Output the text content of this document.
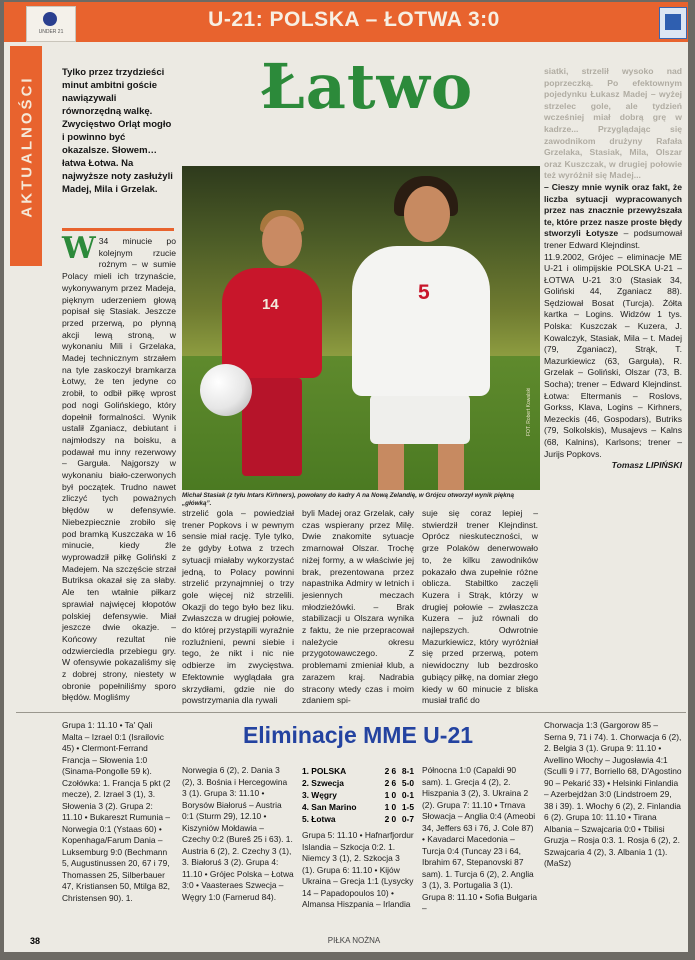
UNDER 21
U-21: POLSKA – ŁOTWA 3:0
AKTUALNOŚCI
Tylko przez trzydzieści minut ambitni goście nawiązywali równorzędną walkę. Zwycięstwo Orląt mogło i powinno być okazalsze. Słowem… łatwa Łotwa. Na najwyższe noty zasłużyli Madej, Mila i Grzelak.
Łatwo
14
5
FOT. Robert Kowalski
Michał Stasiak (z tyłu Intars Kirhners), powołany do kadry A na Nową Zelandię, w Grójcu otworzył wynik piękną „główką”.
W 34 minucie po kolejnym rzucie rożnym – w sumie Polacy mieli ich trzynaście, wykonywanym przez Madeja, pięknym uderzeniem głową popisał się Stasiak. Jeszcze przed przerwą, po płynną akcji lewą stroną, w wykonaniu Mili i Grzelaka, Madej technicznym strzałem na tyle zaskoczył bramkarza Łotwy, że ten jedyne co zrobił, to odbił piłkę wprost pod nogi Golińskiego, który dopełnił formalności. Wynik ustalił Zganiacz, debiutant i najmłodszy na boisku, a podawał mu inny rezerwowy – Garguła. Najgorszy w wykonaniu biało-czerwonych był początek. Trudno nawet zliczyć tych poważnych błędów w defensywie. Niebezpiecznie zrobiło się pod bramką Kuszczaka w 16 minucie, kiedy źle wyprowadził piłkę Goliński z Madejem. Na szczęście strzał Butriksa okazał się za słaby. Ale ten wtałnie piłkarz sprawiał najwięcej kłopotów polskiej defensywie. Miał jeszcze dwie okazje. – Końcowy rezultat nie odzwierciedla przebiegu gry. W ofensywie pokazaliśmy się z dobrej strony, niestety w obronie popełniliśmy sporo błędów. Mogliśmy
strzelić gola – powiedział trener Popkovs i w pewnym sensie miał rację. Tyle tylko, że gdyby Łotwa z trzech sytuacji miałaby wykorzystać jedną, to Polacy powinni strzelić przynajmniej o trzy gole więcej niż strzelili. Okazji do tego było bez liku. Zwłaszcza w drugiej połowie, do której przystąpili wyraźnie rozluźnieni, pewni siebie i tego, że nikt i nic nie odbierze im zwycięstwa. Efektownie wyglądała gra skrzydłami, gdzie nie do powstrzymania dla rywali
byli Madej oraz Grzelak, cały czas wspierany przez Milę. Dwie znakomite sytuacje zmarnował Olszar. Trochę niżej formy, a w właściwie jej brak, prezentowana przez napastnika Admiry w letnich i jesiennych meczach młodzieżówki. – Brak stabilizacji u Olszara wynika z faktu, że nie przepracował należycie okresu przygotowawczego. Z problemami zmieniał klub, a zarazem kraj. Nadrabia stracony wtedy czas i moim zdaniem spi-
suje się coraz lepiej – stwierdził trener Klejndinst. Oprócz nieskuteczności, w grze Polaków denerwowało to, że kilku zawodników pokazało dwa zupełnie różne oblicza. Stabiltko zaczęli Kuzera i Strąk, którzy w drugiej połowie – zwłaszcza Kuzera – już równali do najlepszych. Odwrotnie Mazurkiewicz, który wyróżniał się przed przerwą, potem niewidoczny lub bezdrosko gubiący piłkę, na domiar złego kiedy w 60 minucie z bliska musiał trafić do
siatki, strzelił wysoko nad poprzeczką. Po efektownym pojedynku Łukasz Madej – wyżej strzelec gole, ale tydzień wcześniej miał dobrą grę w kadrze... Przyglądając się zawodnikom drużyny Rafała Grzelaka, Stasiak, Mila, Olszar oraz Kuszczak, w drugiej połowie też wyróżnił się Madej...
– Cieszy mnie wynik oraz fakt, że liczba sytuacji wypracowanych przez nas znacznie przewyższała te, które przez nasze proste błędy stworzyli Łotysze – podsumował trener Edward Klejndinst.
11.9.2002, Grójec – eliminacje ME U-21 i olimpijskie POLSKA U-21 – ŁOTWA U-21 3:0 (Stasiak 34, Goliński 44, Zganiacz 88). Sędziował Bosat (Turcja). Żółta kartka – Logins. Widzów 1 tys. Polska: Kuszczak – Kuzera, J. Kowalczyk, Stasiak, Mila – t. Madej (79, Zganiacz), Strąk, T. Mazurkiewicz (63, Garguła), R. Grzelak – Goliński, Olszar (73, B. Socha); trener – Edward Klejndinst. Łotwa: Eltermanis – Roslovs, Gorkss, Klava, Logins – Kirhners, Mezeckis (46, Gospodars), Butriks (79, Solkolskis), Musajevs – Kalns (68, Kalnins), Karlsons; trener – Jurijs Popkovs.
Tomasz LIPIŃSKI
Eliminacje MME U-21
Grupa 1: 11.10 • Ta' Qali Malta – Izrael 0:1 (Israilovic 45) • Clermont-Ferrand Francja – Słowenia 1:0 (Sinama-Pongolle 59 k). Czołówka: 1. Francja 5 pkt (2 mecze), 2. Izrael 3 (1), 3. Słowenia 3 (2). Grupa 2: 11.10 • Bukareszt Rumunia – Norwegia 0:1 (Ystaas 60) • Kopenhaga/Farum Dania – Luksemburg 9:0 (Bechmann 5, Augustinussen 20, 67 i 79, Thomassen 25, Silberbauer 47, Kristiansen 50, Mtilga 82, Christensen 90). 1.
Norwegia 6 (2), 2. Dania 3 (2), 3. Bośnia i Hercegowina 3 (1). Grupa 3: 11.10 • Borysów Białoruś – Austria 0:1 (Sturm 29), 12.10 • Kiszyniów Mołdawia – Czechy 0:2 (Bureš 25 i 63). 1. Austria 6 (2), 2. Czechy 3 (1), 3. Białoruś 3 (2). Grupa 4: 11.10 • Grójec Polska – Łotwa 3:0 • Vaasteraes Szwecja – Węgry 1:0 (Farnerud 84).
1. POLSKA	2	6	8-1
2. Szwecja	2	6	5-0
3. Węgry	1	0	0-1
4. San Marino	1	0	1-5
5. Łotwa	2	0	0-7
Grupa 5: 11.10 • Hafnarfjordur Islandia – Szkocja 0:2. 1. Niemcy 3 (1), 2. Szkocja 3 (1). Grupa 6: 11.10 • Kijów Ukraina – Grecja 1:1 (Lysycky 14 – Papadopoulos 10) • Almansa Hiszpania – Irlandia
Północna 1:0 (Capaldi 90 sam). 1. Grecja 4 (2), 2. Hiszpania 3 (2), 3. Ukraina 2 (2). Grupa 7: 11.10 • Trnava Słowacja – Anglia 0:4 (Ameobi 34, Jeffers 63 i 76, J. Cole 87) • Kavadarci Macedonia – Turcja 0:4 (Tuncay 23 i 64, Ibrahim 67, Stepanovski 87 sam). 1. Turcja 6 (2), 2. Anglia 3 (1), 3. Portugalia 3 (1). Grupa 8: 11.10 • Sofia Bułgaria –
Chorwacja 1:3 (Gargorow 85 – Serna 9, 71 i 74). 1. Chorwacja 6 (2), 2. Belgia 3 (1). Grupa 9: 11.10 • Avellino Włochy – Jugosławia 4:1 (Sculli 9 i 77, Borriello 68, D'Agostino 90 – Pekarić 33) • Helsinki Finlandia – Azerbejdżan 3:0 (Lindstroem 29, 38 i 39). 1. Włochy 6 (2), 2. Finlandia 6 (2). Grupa 10: 11.10 • Tirana Albania – Szwajcaria 0:0 • Tbilisi Gruzja – Rosja 0:3. 1. Rosja 6 (2), 2. Szwajcaria 4 (2), 3. Albania 1 (1). (MaSz)
38	PIŁKA NOŻNA
